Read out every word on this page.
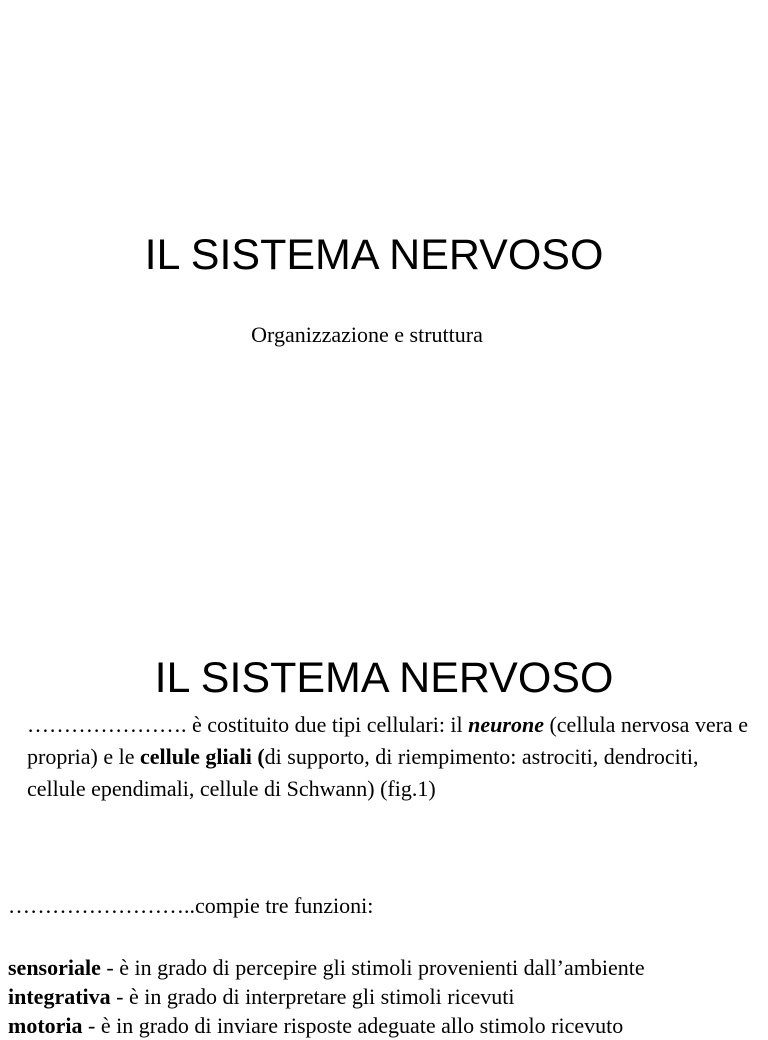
IL SISTEMA NERVOSO
Organizzazione e struttura
IL SISTEMA NERVOSO

…………………. è costituito due tipi cellulari: il neurone (cellula nervosa vera e propria) e le cellule gliali (di supporto, di riempimento: astrociti, dendrociti, cellule ependimali, cellule di Schwann) (fig.1)

……………………..compie tre funzioni:

sensoriale - è in grado di percepire gli stimoli provenienti dall’ambiente
integrativa - è in grado di interpretare gli stimoli ricevuti
motoria - è in grado di inviare risposte adeguate allo stimolo ricevuto
